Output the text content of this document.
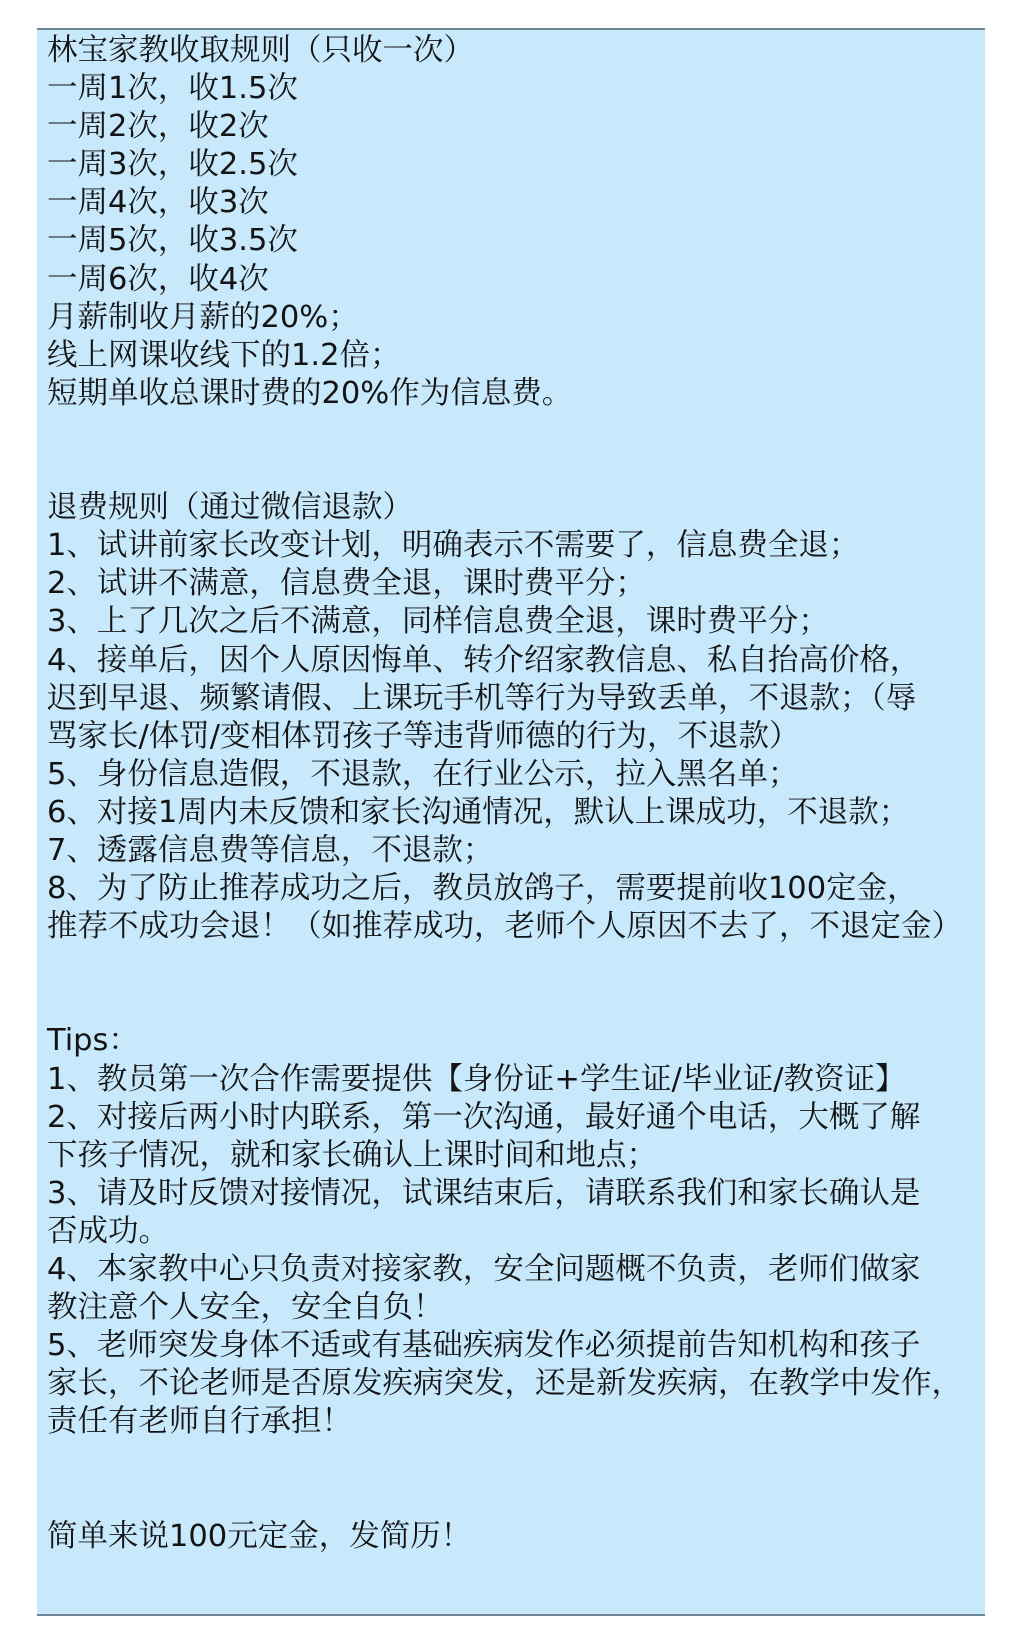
林宝家教收取规则（只收一次）
一周1次，收1.5次
一周2次，收2次
一周3次，收2.5次
一周4次，收3次
一周5次，收3.5次
一周6次，收4次
月薪制收月薪的20%；
线上网课收线下的1.2倍；
短期单收总课时费的20%作为信息费。
退费规则（通过微信退款）
1、试讲前家长改变计划，明确表示不需要了，信息费全退；
2、试讲不满意，信息费全退，课时费平分；
3、上了几次之后不满意，同样信息费全退，课时费平分；
4、接单后，因个人原因悔单、转介绍家教信息、私自抬高价格，
迟到早退、频繁请假、上课玩手机等行为导致丢单，不退款；（辱
骂家长/体罚/变相体罚孩子等违背师德的行为，不退款）
5、身份信息造假，不退款，在行业公示，拉入黑名单；
6、对接1周内未反馈和家长沟通情况，默认上课成功，不退款；
7、透露信息费等信息，不退款；
8、为了防止推荐成功之后，教员放鸽子，需要提前收100定金，
推荐不成功会退！（如推荐成功，老师个人原因不去了，不退定金）
Tips：
1、教员第一次合作需要提供【身份证+学生证/毕业证/教资证】
2、对接后两小时内联系，第一次沟通，最好通个电话，大概了解
下孩子情况，就和家长确认上课时间和地点；
3、请及时反馈对接情况，试课结束后，请联系我们和家长确认是
否成功。
4、本家教中心只负责对接家教，安全问题概不负责，老师们做家
教注意个人安全，安全自负！
5、老师突发身体不适或有基础疾病发作必须提前告知机构和孩子
家长，不论老师是否原发疾病突发，还是新发疾病，在教学中发作，
责任有老师自行承担！
简单来说100元定金，发简历！
